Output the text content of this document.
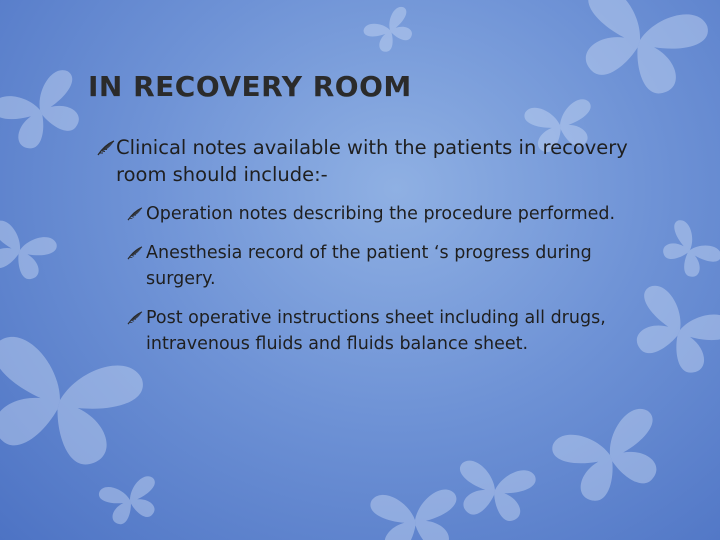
IN RECOVERY ROOM
Clinical notes available with the patients in recovery room should include:-
Operation notes describing the procedure performed.
Anesthesia record of the patient ‘s progress during surgery.
Post operative instructions sheet including all drugs, intravenous fluids and fluids balance sheet.
